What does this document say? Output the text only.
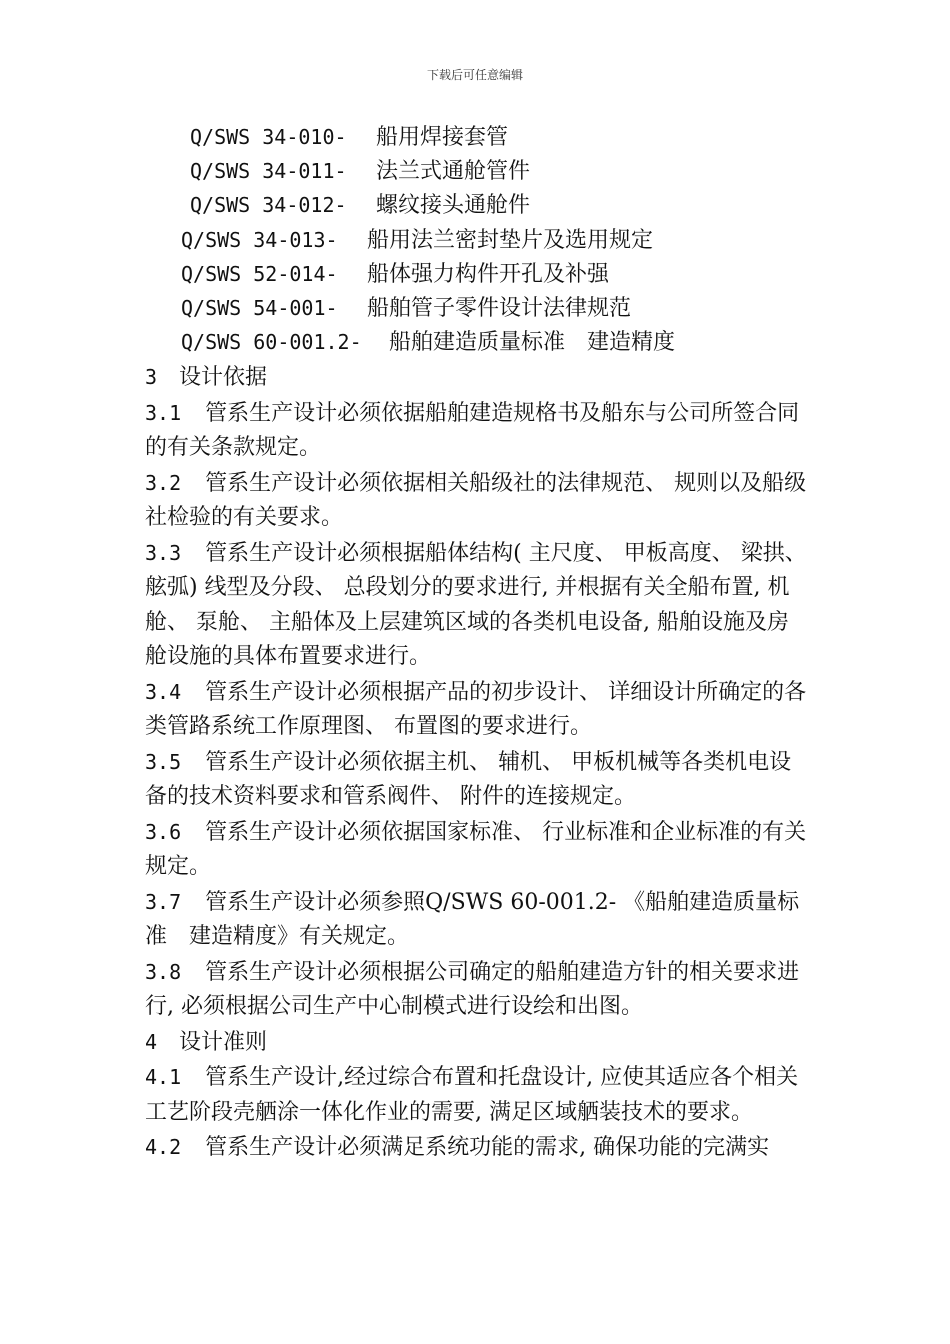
下载后可任意编辑
Q/SWS 34-010- 船用焊接套管
Q/SWS 34-011- 法兰式通舱管件
Q/SWS 34-012- 螺纹接头通舱件
Q/SWS 34-013- 船用法兰密封垫片及选用规定
Q/SWS 52-014- 船体强力构件开孔及补强
Q/SWS 54-001- 船舶管子零件设计法律规范
Q/SWS 60-001.2- 船舶建造质量标准　建造精度

3 设计依据

3.1 管系生产设计必须依据船舶建造规格书及船东与公司所签合同的有关条款规定。

3.2 管系生产设计必须依据相关船级社的法律规范、 规则以及船级社检验的有关要求。

3.3 管系生产设计必须根据船体结构( 主尺度、 甲板高度、 梁拱、 舷弧) 线型及分段、 总段划分的要求进行, 并根据有关全船布置, 机舱、 泵舱、 主船体及上层建筑区域的各类机电设备, 船舶设施及房舱设施的具体布置要求进行。

3.4 管系生产设计必须根据产品的初步设计、 详细设计所确定的各类管路系统工作原理图、 布置图的要求进行。

3.5 管系生产设计必须依据主机、 辅机、 甲板机械等各类机电设备的技术资料要求和管系阀件、 附件的连接规定。

3.6 管系生产设计必须依据国家标准、 行业标准和企业标准的有关规定。

3.7 管系生产设计必须参照Q/SWS 60-001.2- 《船舶建造质量标准　建造精度》有关规定。

3.8 管系生产设计必须根据公司确定的船舶建造方针的相关要求进行, 必须根据公司生产中心制模式进行设绘和出图。

4 设计准则

4.1 管系生产设计,经过综合布置和托盘设计, 应使其适应各个相关工艺阶段壳舾涂一体化作业的需要, 满足区域舾装技术的要求。

4.2 管系生产设计必须满足系统功能的需求, 确保功能的完满实
